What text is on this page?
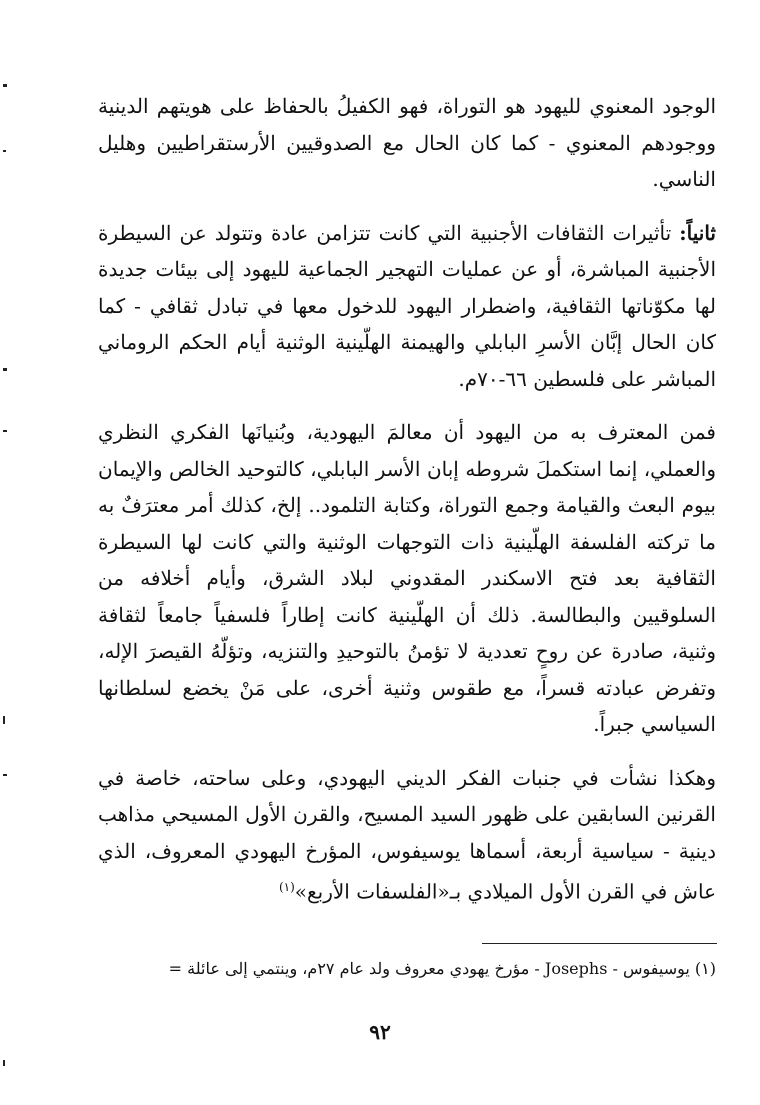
الوجود المعنوي لليهود هو التوراة، فهو الكفيلُ بالحفاظ على هويتهم الدينية ووجودهم المعنوي - كما كان الحال مع الصدوقيين الأرستقراطيين وهليل الناسي.

ثانياً: تأثيرات الثقافات الأجنبية التي كانت تتزامن عادة وتتولد عن السيطرة الأجنبية المباشرة، أو عن عمليات التهجير الجماعية لليهود إلى بيئات جديدة لها مكوّناتها الثقافية، واضطرار اليهود للدخول معها في تبادل ثقافي - كما كان الحال إبَّان الأسرِ البابلي والهيمنة الهلّينية الوثنية أيام الحكم الروماني المباشر على فلسطين ٦٦-٧٠م.

فمن المعترف به من اليهود أن معالمَ اليهودية، وبُنيانَها الفكري النظري والعملي، إنما استكملَ شروطه إبان الأسر البابلي، كالتوحيد الخالص والإيمان بيوم البعث والقيامة وجمع التوراة، وكتابة التلمود.. إلخ، كذلك أمر معترَفٌ به ما تركته الفلسفة الهلّينية ذات التوجهات الوثنية والتي كانت لها السيطرة الثقافية بعد فتح الاسكندر المقدوني لبلاد الشرق، وأيام أخلافه من السلوقيين والبطالسة. ذلك أن الهلّينية كانت إطاراً فلسفياً جامعاً لثقافة وثنية، صادرة عن روحٍ تعددية لا تؤمنُ بالتوحيدِ والتنزيه، وتؤلّهُ القيصرَ الإله، وتفرض عبادته قسراً، مع طقوس وثنية أخرى، على مَنْ يخضع لسلطانها السياسي جبراً.

وهكذا نشأت في جنبات الفكر الديني اليهودي، وعلى ساحته، خاصة في القرنين السابقين على ظهور السيد المسيح، والقرن الأول المسيحي مذاهب دينية - سياسية أربعة، أسماها يوسيفوس، المؤرخ اليهودي المعروف، الذي عاش في القرن الأول الميلادي بـ«الفلسفات الأربع»$^{(١)}$

(١) يوسيفوس - Josephs - مؤرخ يهودي معروف ولد عام ٢٧م، وينتمي إلى عائلة =

٩٢
